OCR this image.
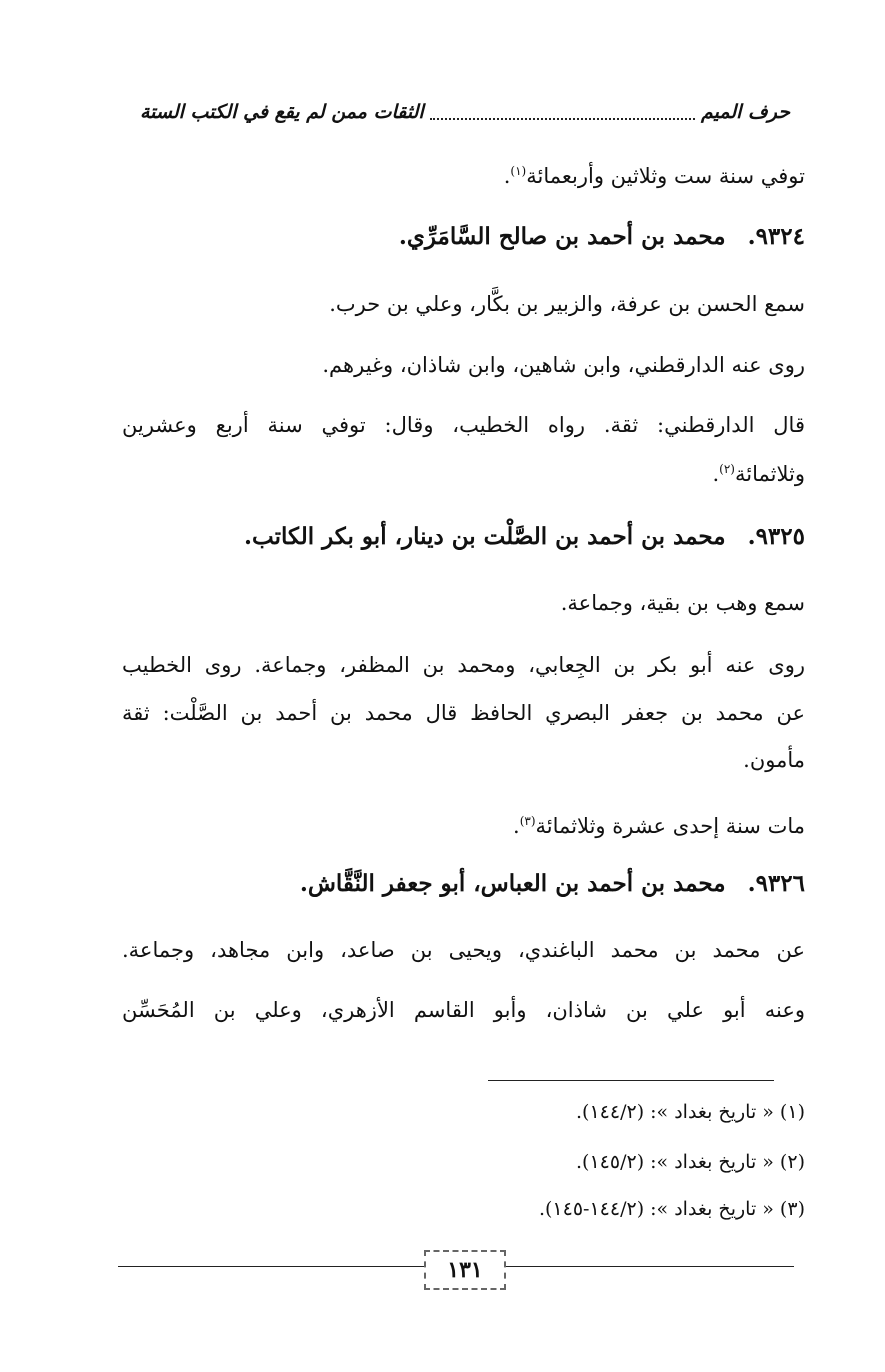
حرف الميم
الثقات ممن لم يقع في الكتب الستة
توفي سنة ست وثلاثين وأربعمائة$^{(١)}$.
٩٣٢٤. محمد بن أحمد بن صالح السَّامَرِّي.
سمع الحسن بن عرفة، والزبير بن بكَّار، وعلي بن حرب.
روى عنه الدارقطني، وابن شاهين، وابن شاذان، وغيرهم.
قال الدارقطني: ثقة. رواه الخطيب، وقال: توفي سنة أربع وعشرين
وثلاثمائة$^{(٢)}$.
٩٣٢٥. محمد بن أحمد بن الصَّلْت بن دينار، أبو بكر الكاتب.
سمع وهب بن بقية، وجماعة.
روى عنه أبو بكر بن الجِعابي، ومحمد بن المظفر، وجماعة. روى الخطيب
عن محمد بن جعفر البصري الحافظ قال محمد بن أحمد بن الصَّلْت: ثقة
مأمون.
مات سنة إحدى عشرة وثلاثمائة$^{(٣)}$.
٩٣٢٦. محمد بن أحمد بن العباس، أبو جعفر النَّقَّاش.
عن محمد بن محمد الباغندي، ويحيى بن صاعد، وابن مجاهد، وجماعة.
وعنه أبو علي بن شاذان، وأبو القاسم الأزهري، وعلي بن المُحَسِّن
(١) « تاريخ بغداد »: (١٤٤/٢).
(٢) « تاريخ بغداد »: (١٤٥/٢).
(٣) « تاريخ بغداد »: (١٤٤/٢-١٤٥).
١٣١
